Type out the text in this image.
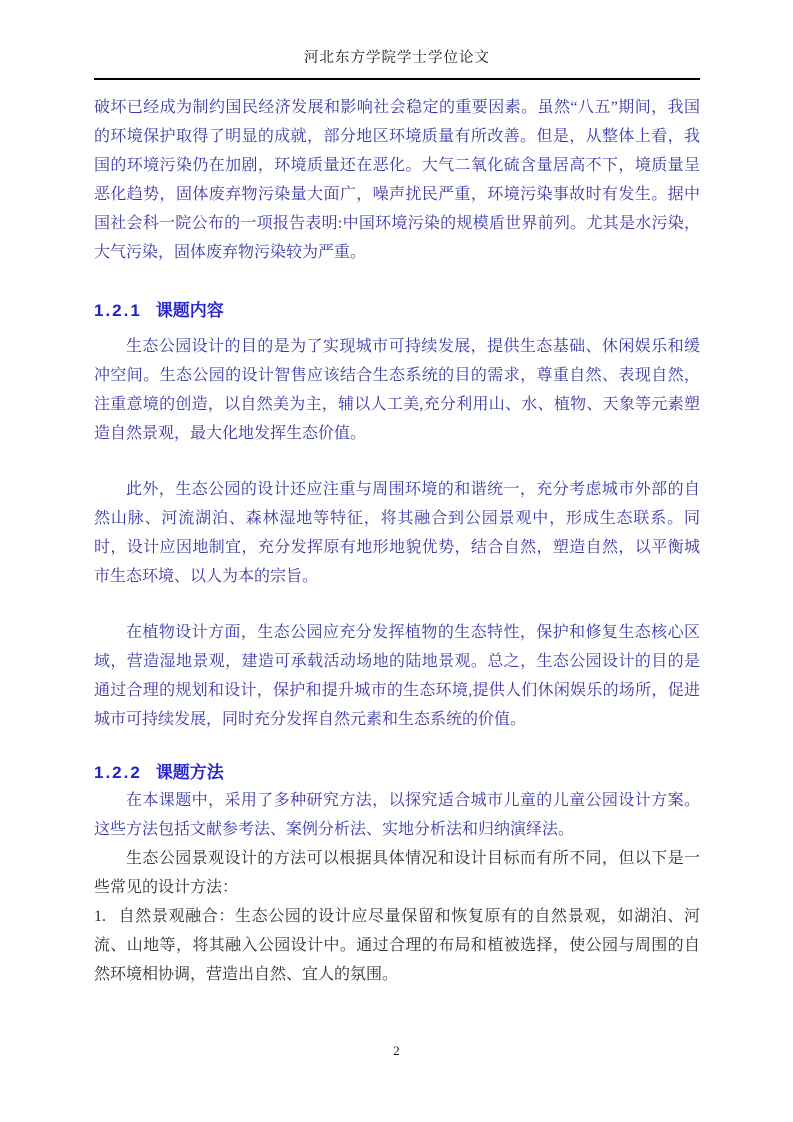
河北东方学院学士学位论文

破坏已经成为制约国民经济发展和影响社会稳定的重要因素。虽然“八五”期间，我国的环境保护取得了明显的成就，部分地区环境质量有所改善。但是，从整体上看，我国的环境污染仍在加剧，环境质量还在恶化。大气二氧化硫含量居高不下，境质量呈恶化趋势，固体废弃物污染量大面广，噪声扰民严重，环境污染事故时有发生。据中国社会科一院公布的一项报告表明:中国环境污染的规模盾世界前列。尤其是水污染，大气污染，固体废弃物污染较为严重。

1.2.1 课题内容

生态公园设计的目的是为了实现城市可持续发展，提供生态基础、休闲娱乐和缓冲空间。生态公园的设计智售应该结合生态系统的目的需求，尊重自然、表现自然，注重意境的创造，以自然美为主，辅以人工美,充分利用山、水、植物、天象等元素塑造自然景观，最大化地发挥生态价值。

此外，生态公园的设计还应注重与周围环境的和谐统一，充分考虑城市外部的自然山脉、河流湖泊、森林湿地等特征，将其融合到公园景观中，形成生态联系。同时，设计应因地制宜，充分发挥原有地形地貌优势，结合自然，塑造自然，以平衡城市生态环境、以人为本的宗旨。

在植物设计方面，生态公园应充分发挥植物的生态特性，保护和修复生态核心区域，营造湿地景观，建造可承载活动场地的陆地景观。总之，生态公园设计的目的是通过合理的规划和设计，保护和提升城市的生态环境,提供人们休闲娱乐的场所，促进城市可持续发展，同时充分发挥自然元素和生态系统的价值。

1.2.2 课题方法

在本课题中，采用了多种研究方法，以探究适合城市儿童的儿童公园设计方案。这些方法包括文献参考法、案例分析法、实地分析法和归纳演绎法。

生态公园景观设计的方法可以根据具体情况和设计目标而有所不同，但以下是一些常见的设计方法：

1. 自然景观融合：生态公园的设计应尽量保留和恢复原有的自然景观，如湖泊、河流、山地等，将其融入公园设计中。通过合理的布局和植被选择，使公园与周围的自然环境相协调，营造出自然、宜人的氛围。

2
